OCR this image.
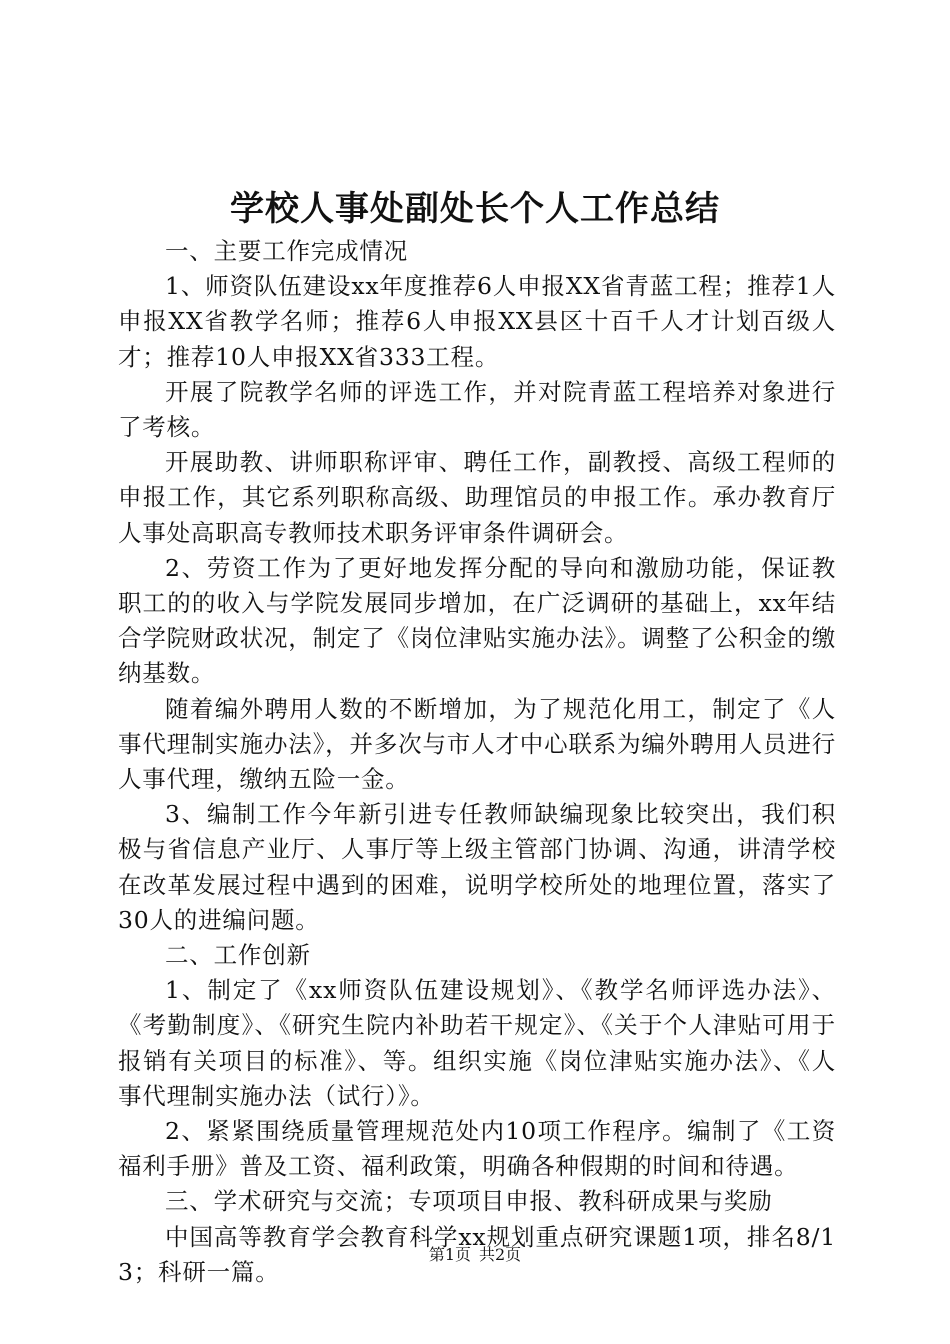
学校人事处副处长个人工作总结

一、主要工作完成情况

1、师资队伍建设xx年度推荐6人申报XX省青蓝工程；推荐1人申报XX省教学名师；推荐6人申报XX县区十百千人才计划百级人才；推荐10人申报XX省333工程。

开展了院教学名师的评选工作，并对院青蓝工程培养对象进行了考核。

开展助教、讲师职称评审、聘任工作，副教授、高级工程师的申报工作，其它系列职称高级、助理馆员的申报工作。承办教育厅人事处高职高专教师技术职务评审条件调研会。

2、劳资工作为了更好地发挥分配的导向和激励功能，保证教职工的的收入与学院发展同步增加，在广泛调研的基础上，xx年结合学院财政状况，制定了《岗位津贴实施办法》。调整了公积金的缴纳基数。

随着编外聘用人数的不断增加，为了规范化用工，制定了《人事代理制实施办法》，并多次与市人才中心联系为编外聘用人员进行人事代理，缴纳五险一金。

3、编制工作今年新引进专任教师缺编现象比较突出，我们积极与省信息产业厅、人事厅等上级主管部门协调、沟通，讲清学校在改革发展过程中遇到的困难，说明学校所处的地理位置，落实了30人的进编问题。

二、工作创新

1、制定了《xx师资队伍建设规划》、《教学名师评选办法》、《考勤制度》、《研究生院内补助若干规定》、《关于个人津贴可用于报销有关项目的标准》、等。组织实施《岗位津贴实施办法》、《人事代理制实施办法（试行）》。

2、紧紧围绕质量管理规范处内10项工作程序。编制了《工资福利手册》普及工资、福利政策，明确各种假期的时间和待遇。

三、学术研究与交流；专项项目申报、教科研成果与奖励

中国高等教育学会教育科学xx规划重点研究课题1项，排名8/13；科研一篇。

第1页 共2页
